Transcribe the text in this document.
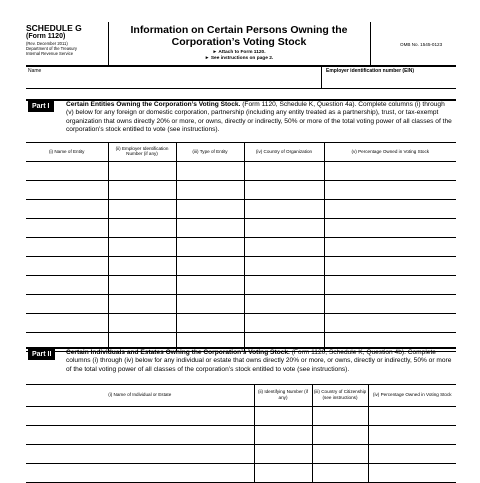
SCHEDULE G
(Form 1120)
(Rev. December 2011)
Department of the Treasury
Internal Revenue Service
Information on Certain Persons Owning the
Corporation’s Voting Stock
► Attach to Form 1120.
► See instructions on page 2.
OMB No. 1545-0123
Name	Employer identification number (EIN)
Part I	Certain Entities Owning the Corporation’s Voting Stock. (Form 1120, Schedule K, Question 4a). Complete columns (i) through (v) below for any foreign or domestic corporation, partnership (including any entity treated as a partnership), trust, or tax-exempt organization that owns directly 20% or more, or owns, directly or indirectly, 50% or more of the total voting power of all classes of the corporation’s stock entitled to vote (see instructions).
(i) Name of Entity	(ii) Employer Identification Number (if any)	(iii) Type of Entity	(iv) Country of Organization	(v) Percentage Owned in Voting Stock

Part II	Certain Individuals and Estates Owning the Corporation’s Voting Stock. (Form 1120, Schedule K, Question 4b). Complete columns (i) through (iv) below for any individual or estate that owns directly 20% or more, or owns, directly or indirectly, 50% or more of the total voting power of all classes of the corporation’s stock entitled to vote (see instructions).
(i) Name of Individual or Estate	(ii) Identifying Number (if any)	(iii) Country of Citizenship (see instructions)	(iv) Percentage Owned in Voting Stock
